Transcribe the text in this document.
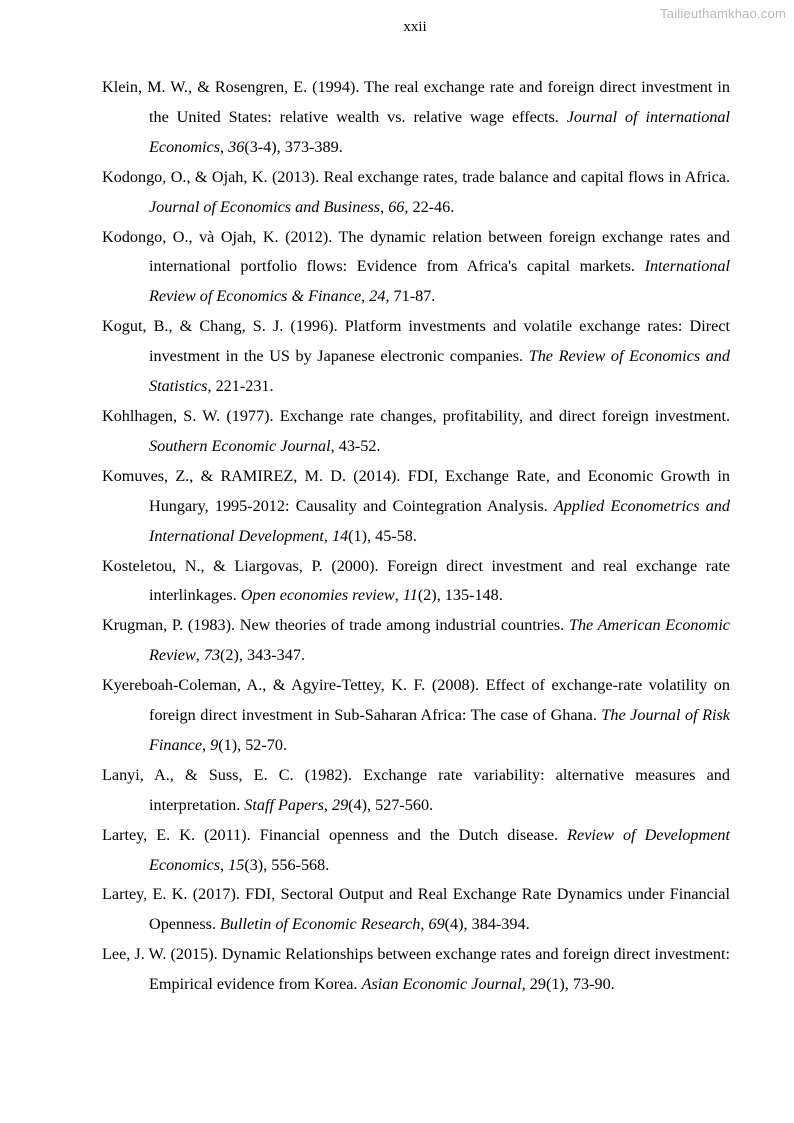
Tailieuthamkhao.com
xxii
Klein, M. W., & Rosengren, E. (1994). The real exchange rate and foreign direct investment in the United States: relative wealth vs. relative wage effects. Journal of international Economics, 36(3-4), 373-389.
Kodongo, O., & Ojah, K. (2013). Real exchange rates, trade balance and capital flows in Africa. Journal of Economics and Business, 66, 22-46.
Kodongo, O., và Ojah, K. (2012). The dynamic relation between foreign exchange rates and international portfolio flows: Evidence from Africa's capital markets. International Review of Economics & Finance, 24, 71-87.
Kogut, B., & Chang, S. J. (1996). Platform investments and volatile exchange rates: Direct investment in the US by Japanese electronic companies. The Review of Economics and Statistics, 221-231.
Kohlhagen, S. W. (1977). Exchange rate changes, profitability, and direct foreign investment. Southern Economic Journal, 43-52.
Komuves, Z., & RAMIREZ, M. D. (2014). FDI, Exchange Rate, and Economic Growth in Hungary, 1995-2012: Causality and Cointegration Analysis. Applied Econometrics and International Development, 14(1), 45-58.
Kosteletou, N., & Liargovas, P. (2000). Foreign direct investment and real exchange rate interlinkages. Open economies review, 11(2), 135-148.
Krugman, P. (1983). New theories of trade among industrial countries. The American Economic Review, 73(2), 343-347.
Kyereboah-Coleman, A., & Agyire-Tettey, K. F. (2008). Effect of exchange-rate volatility on foreign direct investment in Sub-Saharan Africa: The case of Ghana. The Journal of Risk Finance, 9(1), 52-70.
Lanyi, A., & Suss, E. C. (1982). Exchange rate variability: alternative measures and interpretation. Staff Papers, 29(4), 527-560.
Lartey, E. K. (2011). Financial openness and the Dutch disease. Review of Development Economics, 15(3), 556-568.
Lartey, E. K. (2017). FDI, Sectoral Output and Real Exchange Rate Dynamics under Financial Openness. Bulletin of Economic Research, 69(4), 384-394.
Lee, J. W. (2015). Dynamic Relationships between exchange rates and foreign direct investment: Empirical evidence from Korea. Asian Economic Journal, 29(1), 73-90.
